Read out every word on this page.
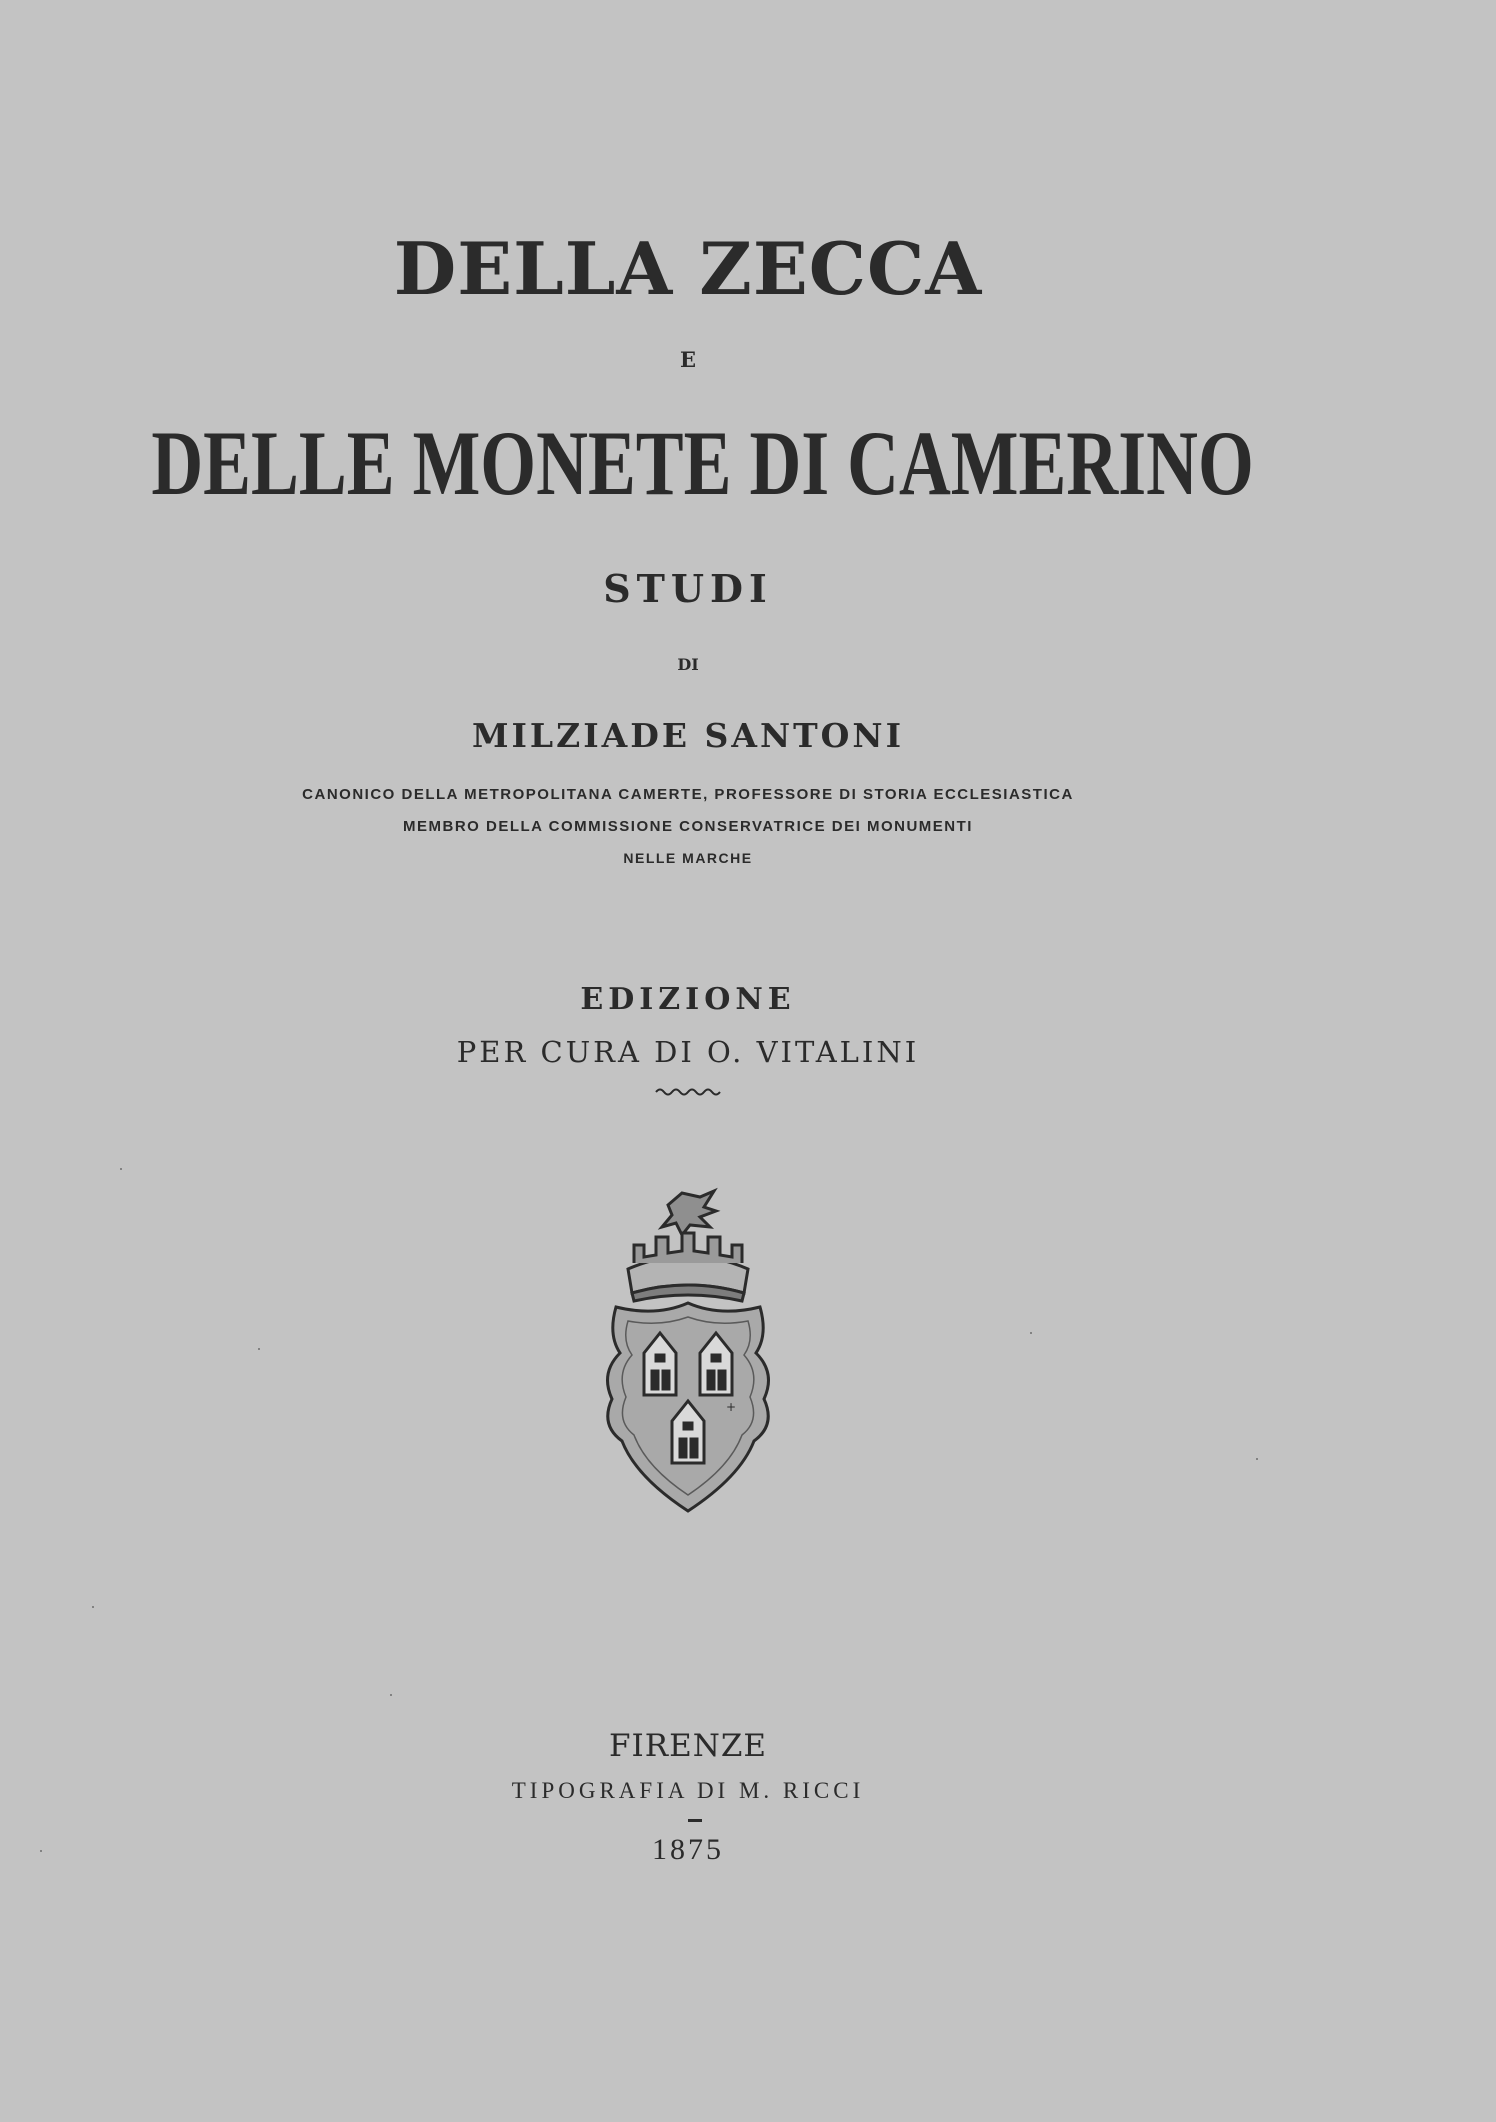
DELLA ZECCA
E
DELLE MONETE DI CAMERINO
STUDI
DI
MILZIADE SANTONI
CANONICO DELLA METROPOLITANA CAMERTE, PROFESSORE DI STORIA ECCLESIASTICA
MEMBRO DELLA COMMISSIONE CONSERVATRICE DEI MONUMENTI
NELLE MARCHE
EDIZIONE
PER CURA DI O. VITALINI
+
FIRENZE
TIPOGRAFIA DI M. RICCI
1875
